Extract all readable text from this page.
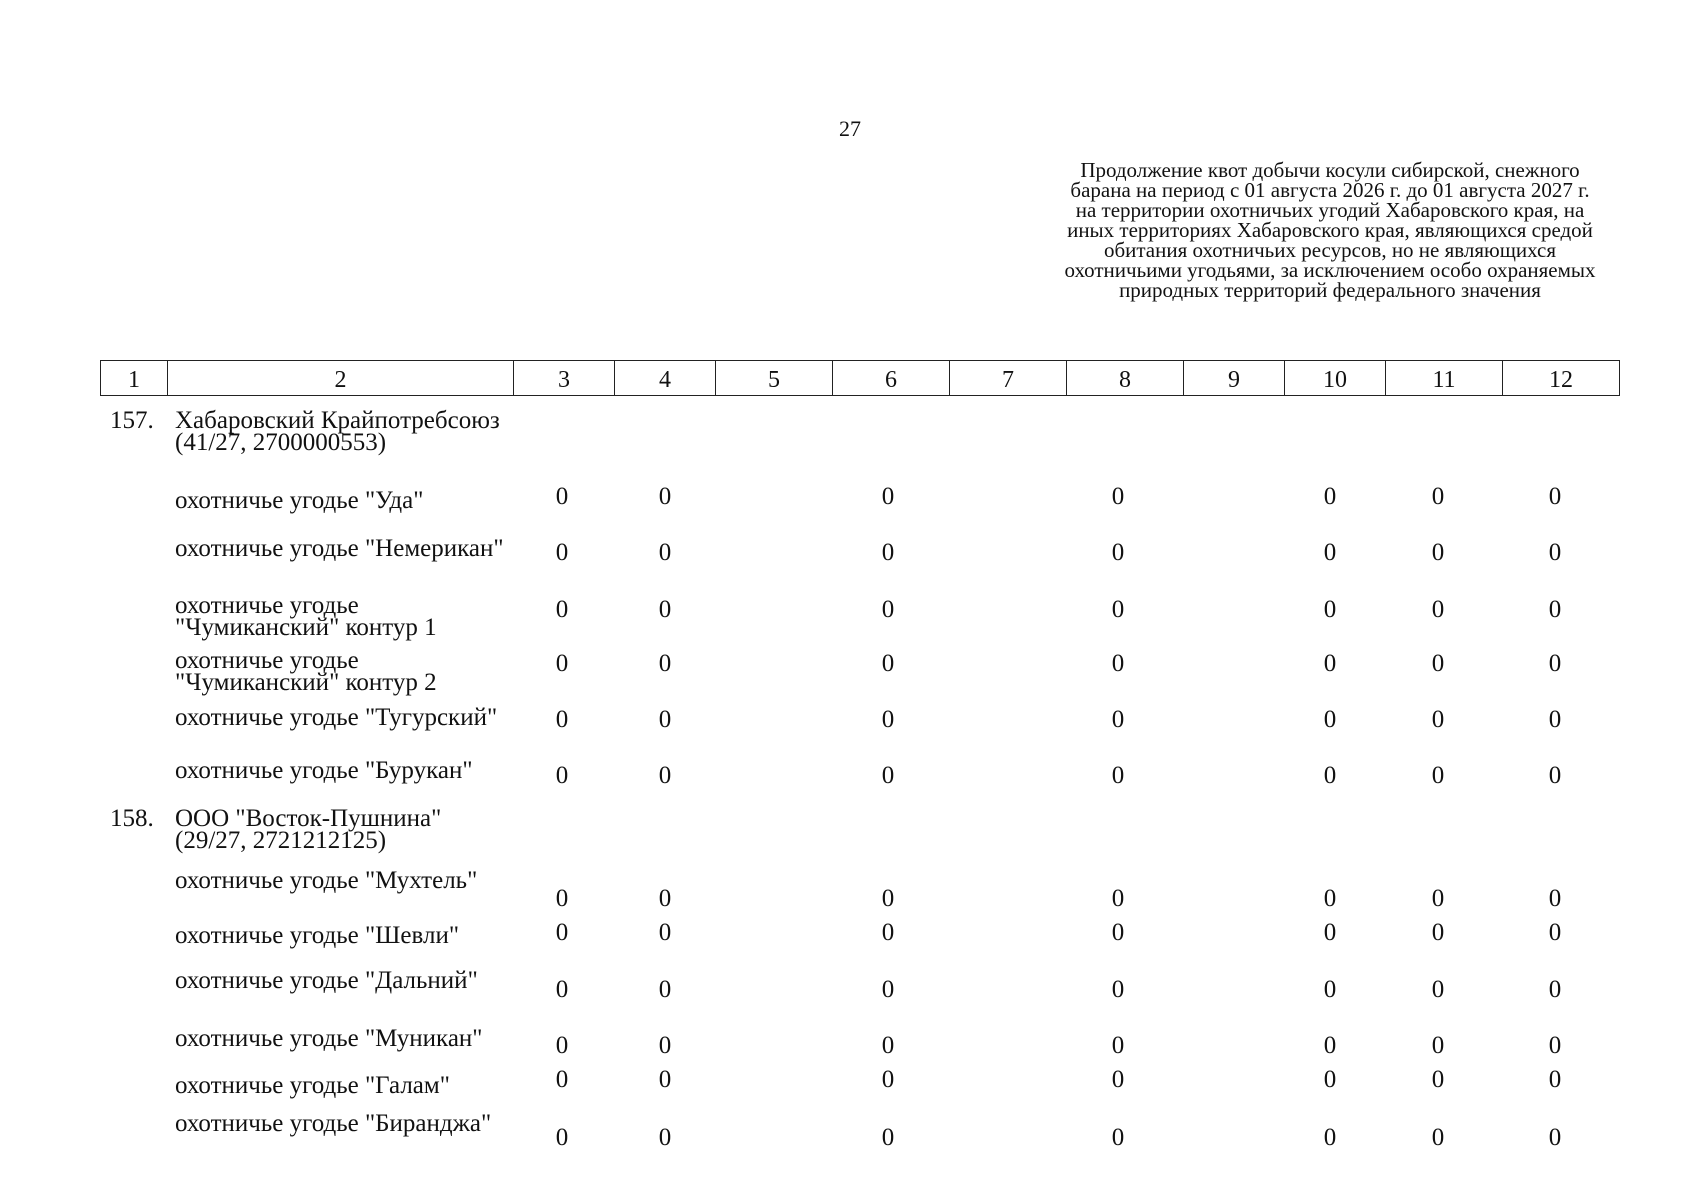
27
Продолжение квот добычи косули сибирской, снежного барана на период с 01 августа 2026 г. до 01 августа 2027 г. на территории охотничьих угодий Хабаровского края, на иных территориях Хабаровского края, являющихся средой обитания охотничьих ресурсов, но не являющихся охотничьими угодьями, за исключением особо охраняемых природных территорий федерального значения
1	2	3	4	5	6	7	8	9	10	11	12
157. Хабаровский Крайпотребсоюз (41/27, 2700000553)
охотничье угодье "Уда"	0	0	0	0	0	0	0
охотничье угодье "Немерикан"	0	0	0	0	0	0	0
охотничье угодье "Чумиканский" контур 1
0	0	0	0	0	0	0
охотничье угодье "Чумиканский" контур 2
0	0	0	0	0	0	0
охотничье угодье "Тугурский"	0	0	0	0	0	0	0
охотничье угодье "Бурукан"	0	0	0	0	0	0	0
158. ООО "Восток-Пушнина" (29/27, 2721212125)
охотничье угодье "Мухтель"
0	0	0	0	0	0	0
охотничье угодье "Шевли"	0	0	0	0	0	0	0
охотничье угодье "Дальний"	0	0	0	0	0	0	0
охотничье угодье "Муникан"	0	0	0	0	0	0	0
охотничье угодье "Галам"	0	0	0	0	0	0	0
охотничье угодье "Биранджа"
0	0	0	0	0	0	0
